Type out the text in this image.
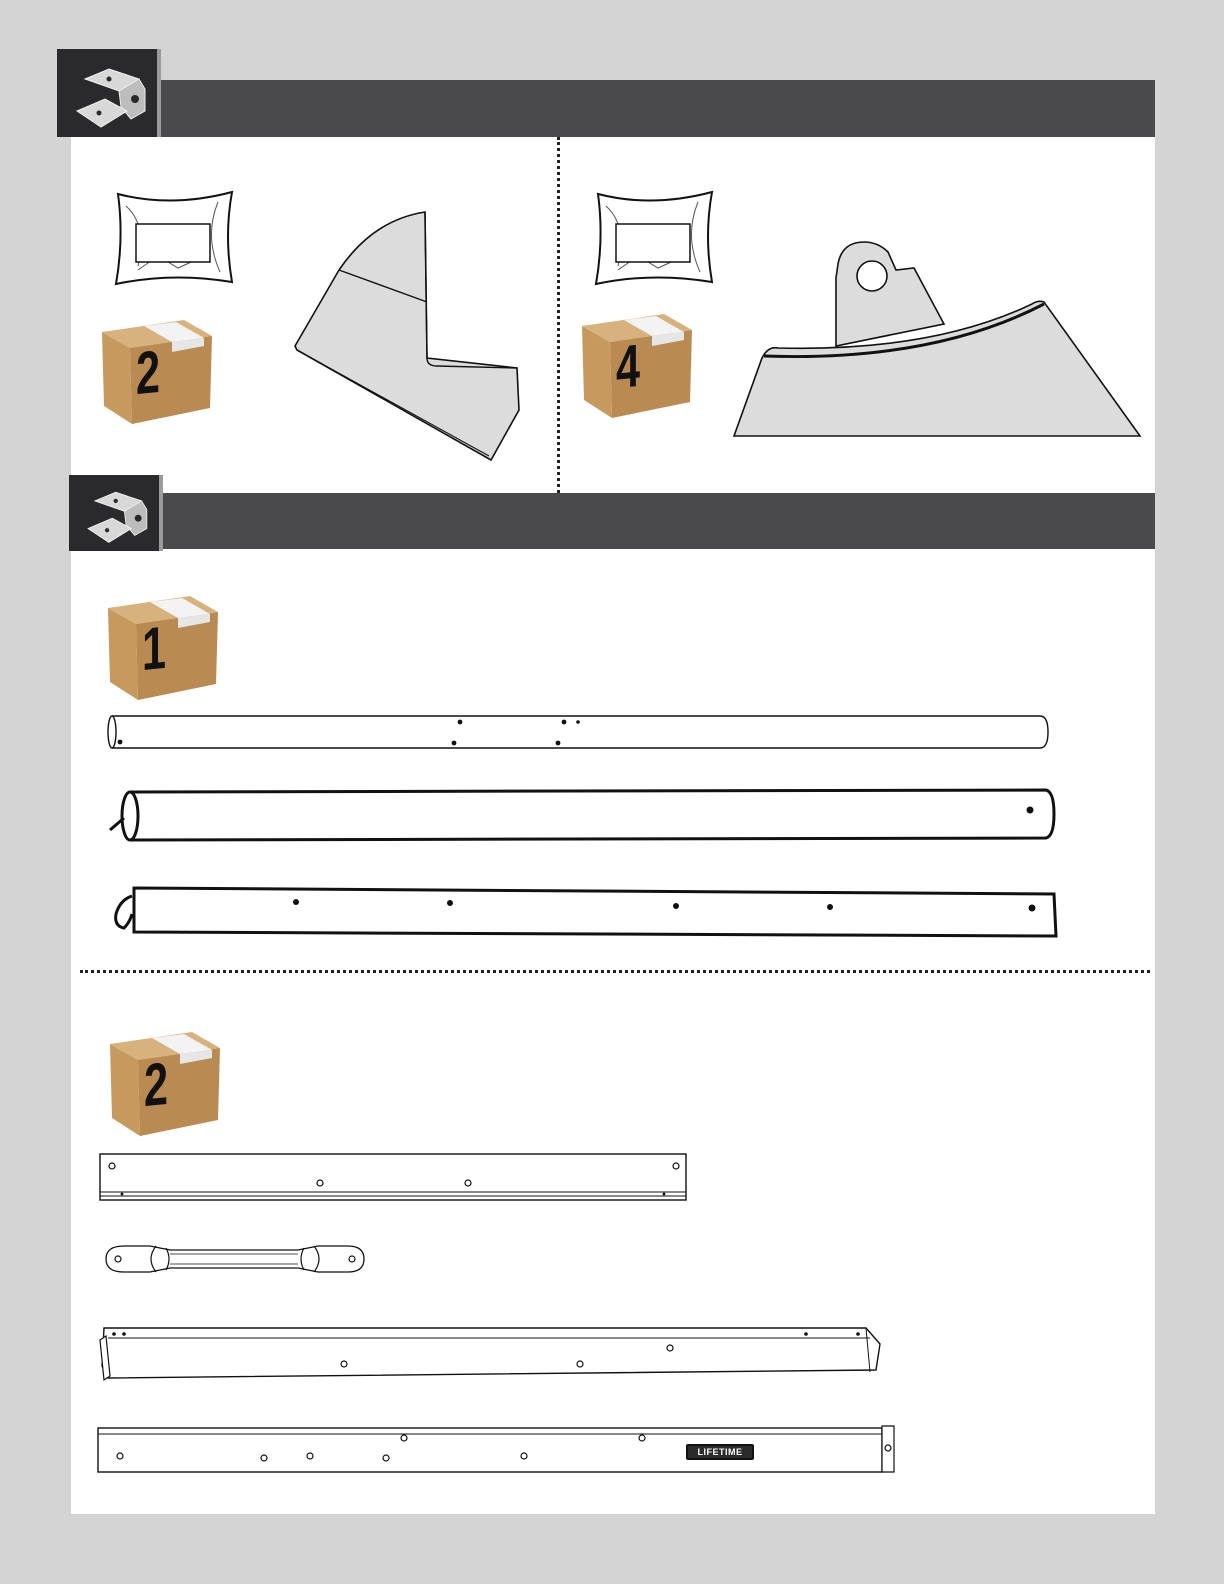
2	4
1
2
LIFETIME
